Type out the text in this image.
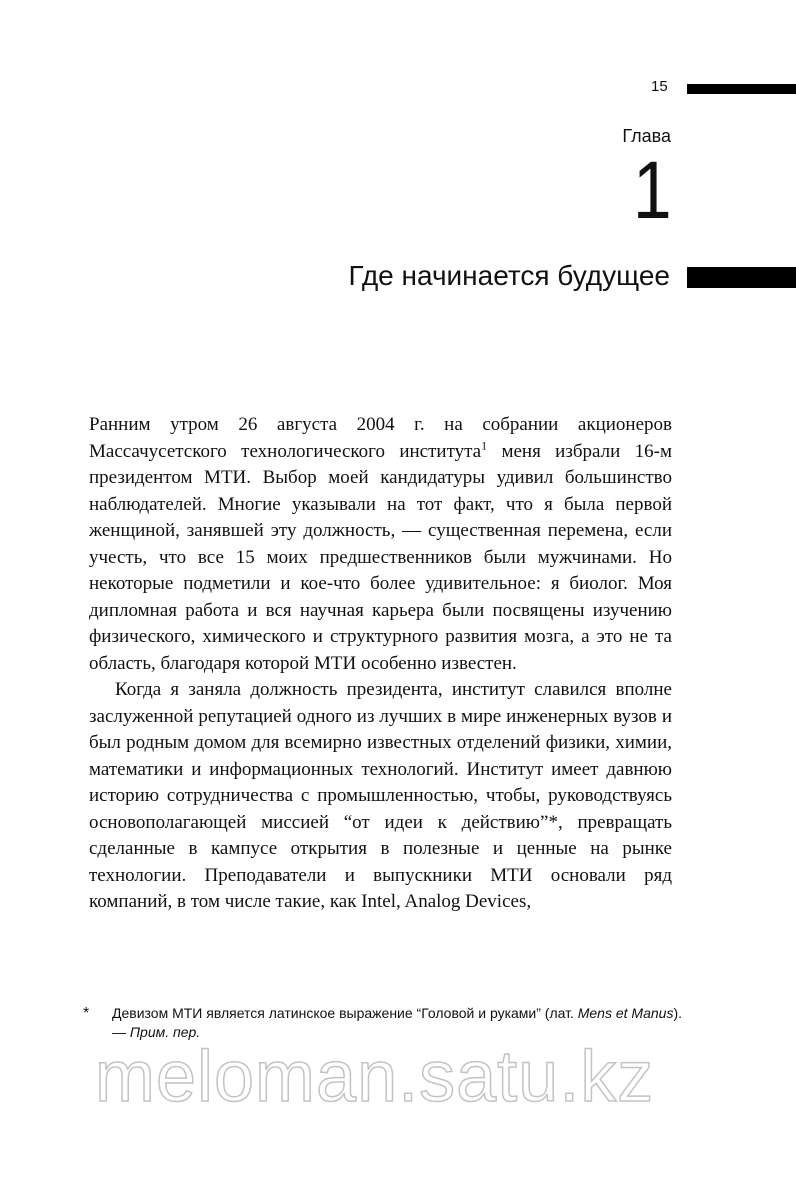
15
Глава
1
Где начинается будущее

Ранним утром 26 августа 2004 г. на собрании акционеров Массачусетского технологического института$^1$ меня избрали 16-м президентом МТИ. Выбор моей кандидатуры удивил большинство наблюдателей. Многие указывали на тот факт, что я была первой женщиной, занявшей эту должность, — существенная перемена, если учесть, что все 15 моих предшественников были мужчинами. Но некоторые подметили и кое-что более удивительное: я биолог. Моя дипломная работа и вся научная карьера были посвящены изучению физического, химического и структурного развития мозга, а это не та область, благодаря которой МТИ особенно известен.

Когда я заняла должность президента, институт славился вполне заслуженной репутацией одного из лучших в мире инженерных вузов и был родным домом для всемирно известных отделений физики, химии, математики и информационных технологий. Институт имеет давнюю историю сотрудничества с промышленностью, чтобы, руководствуясь основополагающей миссией “от идеи к действию”*, превращать сделанные в кампусе открытия в полезные и ценные на рынке технологии. Преподаватели и выпускники МТИ основали ряд компаний, в том числе такие, как Intel, Analog Devices,

* Девизом МТИ является латинское выражение “Головой и руками” (лат. Mens et Manus). — Прим. пер.
meloman.satu.kz
